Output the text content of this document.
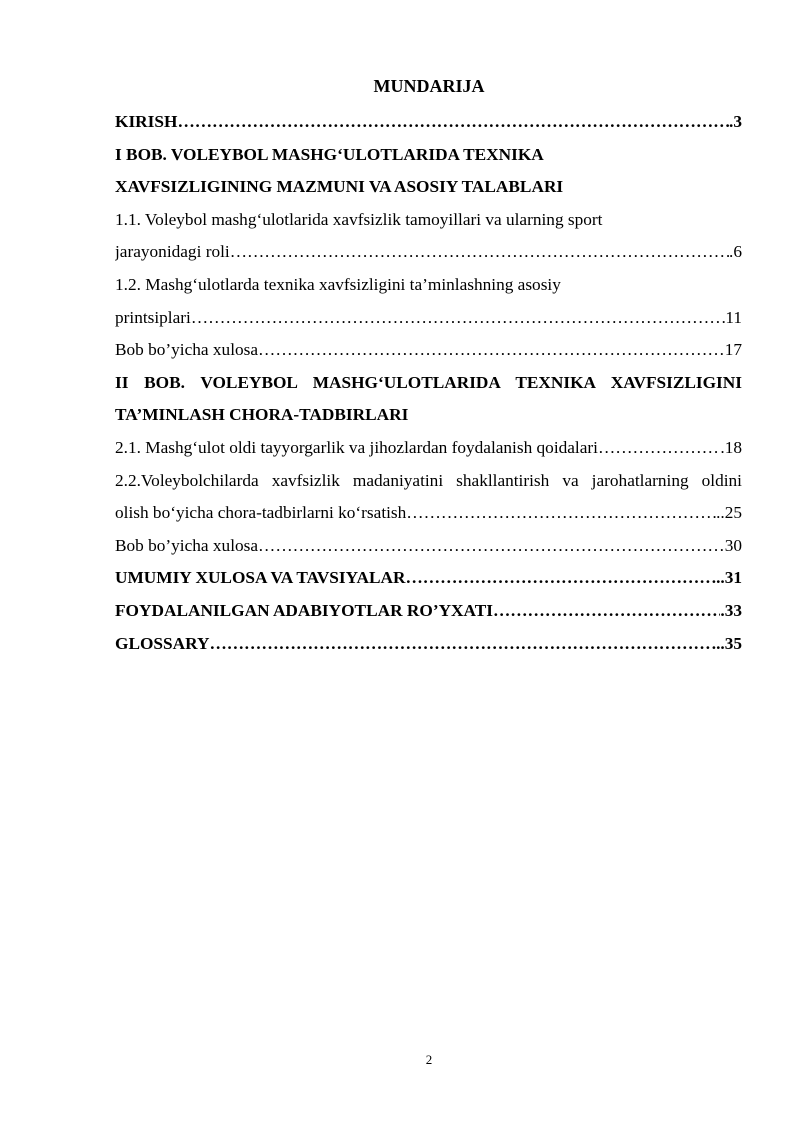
MUNDARIJA
KIRISH ……………………………………………………………………………………………………………………………………………………………	.3
I BOB. VOLEYBOL MASHG‘ULOTLARIDA TEXNIKA
XAVFSIZLIGINING MAZMUNI VA ASOSIY TALABLARI
1.1. Voleybol mashg‘ulotlarida xavfsizlik tamoyillari va ularning sport
jarayonidagi roli ……………………………………………………………………………………………………………………………………………………………	.6
1.2. Mashg‘ulotlarda texnika xavfsizligini ta’minlashning asosiy
printsiplari ……………………………………………………………………………………………………………………………………………………………	11
Bob bo’yicha xulosa ……………………………………………………………………………………………………………………………………………………………	17
II BOB. VOLEYBOL MASHG‘ULOTLARIDA TEXNIKA XAVFSIZLIGINI
TA’MINLASH CHORA-TADBIRLARI
2.1. Mashg‘ulot oldi tayyorgarlik va jihozlardan foydalanish qoidalari ……………………………………………………………………………………………………………………………………………………………	.18
2.2.Voleybolchilarda xavfsizlik madaniyatini shakllantirish va jarohatlarning oldini
olish bo‘yicha chora-tadbirlarni ko‘rsatish ……………………………………………………………………………………………………………………………………………………………	..25
Bob bo’yicha xulosa ……………………………………………………………………………………………………………………………………………………………	30
UMUMIY XULOSA VA TAVSIYALAR ……………………………………………………………………………………………………………………………………………………………	...31
FOYDALANILGAN ADABIYOTLAR RO’YXATI ……………………………………………………………………………………………………………………………………………………………	.33
GLOSSARY ……………………………………………………………………………………………………………………………………………………………	...35
2
